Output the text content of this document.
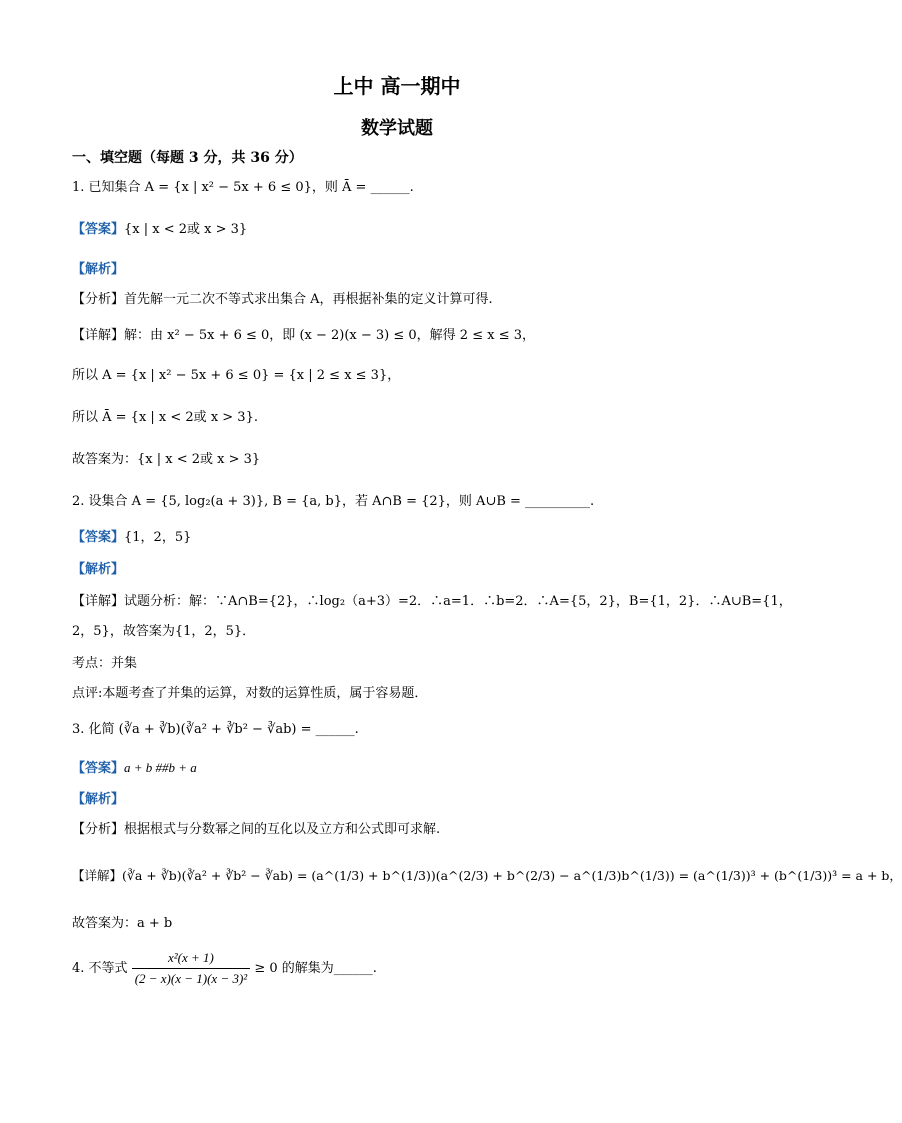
上中 高一期中
数学试题
一、填空题（每题 3 分，共 36 分）
1. 已知集合 A = {x | x² − 5x + 6 ≤ 0}，则 Ā = ______.
【答案】{x | x < 2或 x > 3}
【解析】
【分析】首先解一元二次不等式求出集合 A，再根据补集的定义计算可得.
【详解】解：由 x² − 5x + 6 ≤ 0，即 (x − 2)(x − 3) ≤ 0，解得 2 ≤ x ≤ 3，
所以 A = {x | x² − 5x + 6 ≤ 0} = {x | 2 ≤ x ≤ 3}，
所以 Ā = {x | x < 2或 x > 3}.
故答案为：{x | x < 2或 x > 3}
2. 设集合 A = {5, log₂(a + 3)}, B = {a, b}，若 A∩B = {2}，则 A∪B = __________.
【答案】{1，2，5}
【解析】
【详解】试题分析：解：∵A∩B={2}，∴log₂（a+3）=2．∴a=1．∴b=2．∴A={5，2}，B={1，2}．∴A∪B={1，
2，5}，故答案为{1，2，5}．
考点：并集
点评:本题考查了并集的运算，对数的运算性质，属于容易题．
3. 化简 (∛a + ∛b)(∛a² + ∛b² − ∛ab) = ______.
【答案】a + b ##b + a
【解析】
【分析】根据根式与分数幂之间的互化以及立方和公式即可求解.
【详解】(∛a + ∛b)(∛a² + ∛b² − ∛ab) = (a^(1/3) + b^(1/3))(a^(2/3) + b^(2/3) − a^(1/3)b^(1/3)) = (a^(1/3))³ + (b^(1/3))³ = a + b，
故答案为：a + b
4. 不等式 $\frac{\text{x²(x + 1)}}{\text{(2 − x)(x − 1)(x − 3)²}} \ge 0$ 的解集为______.
